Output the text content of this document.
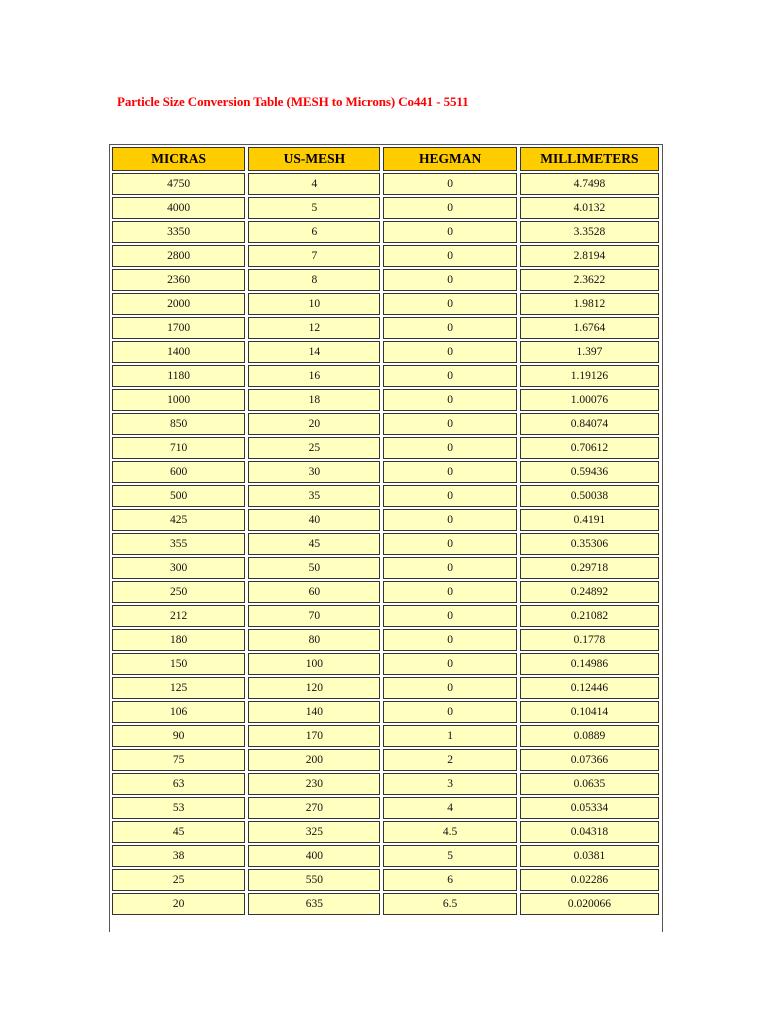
Particle Size Conversion Table (MESH to Microns) Co441 - 5511
MICRAS	US-MESH	HEGMAN	MILLIMETERS
4750	4	0	4.7498
4000	5	0	4.0132
3350	6	0	3.3528
2800	7	0	2.8194
2360	8	0	2.3622
2000	10	0	1.9812
1700	12	0	1.6764
1400	14	0	1.397
1180	16	0	1.19126
1000	18	0	1.00076
850	20	0	0.84074
710	25	0	0.70612
600	30	0	0.59436
500	35	0	0.50038
425	40	0	0.4191
355	45	0	0.35306
300	50	0	0.29718
250	60	0	0.24892
212	70	0	0.21082
180	80	0	0.1778
150	100	0	0.14986
125	120	0	0.12446
106	140	0	0.10414
90	170	1	0.0889
75	200	2	0.07366
63	230	3	0.0635
53	270	4	0.05334
45	325	4.5	0.04318
38	400	5	0.0381
25	550	6	0.02286
20	635	6.5	0.020066
